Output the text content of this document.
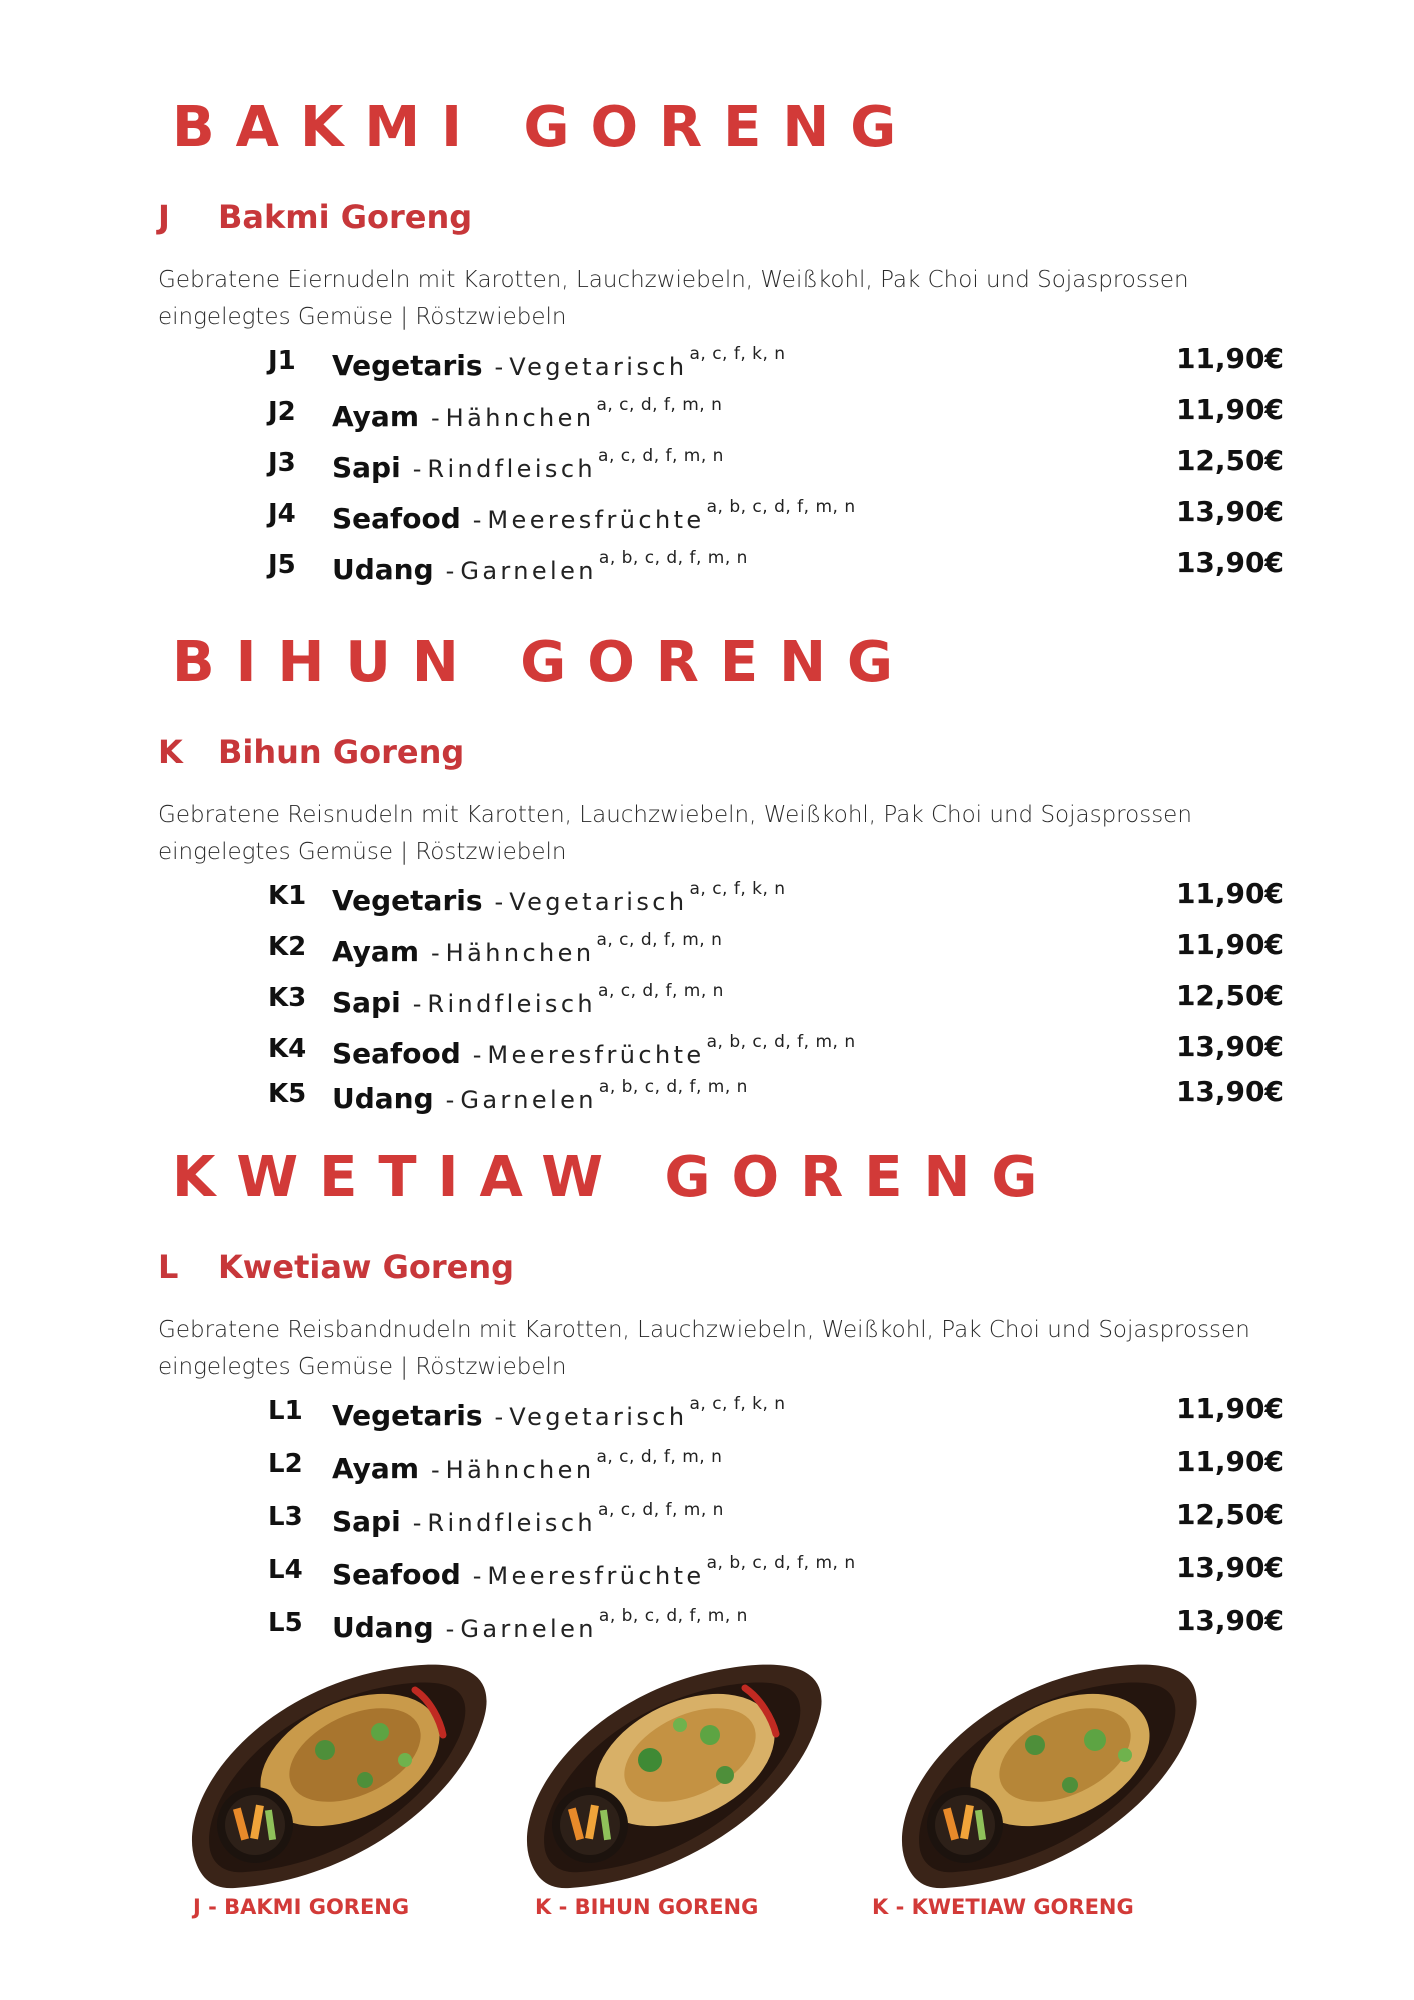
BAKMI GORENG
J Bakmi Goreng
Gebratene Eiernudeln mit Karotten, Lauchzwiebeln, Weißkohl, Pak Choi und Sojasprossen
eingelegtes Gemüse | Röstzwiebeln
J1 Vegetaris - Vegetarisch a, c, f, k, n	11,90€
J2 Ayam - Hähnchen a, c, d, f, m, n	11,90€
J3 Sapi - Rindfleisch a, c, d, f, m, n	12,50€
J4 Seafood - Meeresfrüchte a, b, c, d, f, m, n	13,90€
J5 Udang - Garnelen a, b, c, d, f, m, n	13,90€
BIHUN GORENG
K Bihun Goreng
Gebratene Reisnudeln mit Karotten, Lauchzwiebeln, Weißkohl, Pak Choi und Sojasprossen
eingelegtes Gemüse | Röstzwiebeln
K1 Vegetaris - Vegetarisch a, c, f, k, n	11,90€
K2 Ayam - Hähnchen a, c, d, f, m, n	11,90€
K3 Sapi - Rindfleisch a, c, d, f, m, n	12,50€
K4 Seafood - Meeresfrüchte a, b, c, d, f, m, n	13,90€
K5 Udang - Garnelen a, b, c, d, f, m, n	13,90€
KWETIAW GORENG
L Kwetiaw Goreng
Gebratene Reisbandnudeln mit Karotten, Lauchzwiebeln, Weißkohl, Pak Choi und Sojasprossen
eingelegtes Gemüse | Röstzwiebeln
L1 Vegetaris - Vegetarisch a, c, f, k, n	11,90€
L2 Ayam - Hähnchen a, c, d, f, m, n	11,90€
L3 Sapi - Rindfleisch a, c, d, f, m, n	12,50€
L4 Seafood - Meeresfrüchte a, b, c, d, f, m, n	13,90€
L5 Udang - Garnelen a, b, c, d, f, m, n	13,90€
J - BAKMI GORENG	K - BIHUN GORENG	K - KWETIAW GORENG
